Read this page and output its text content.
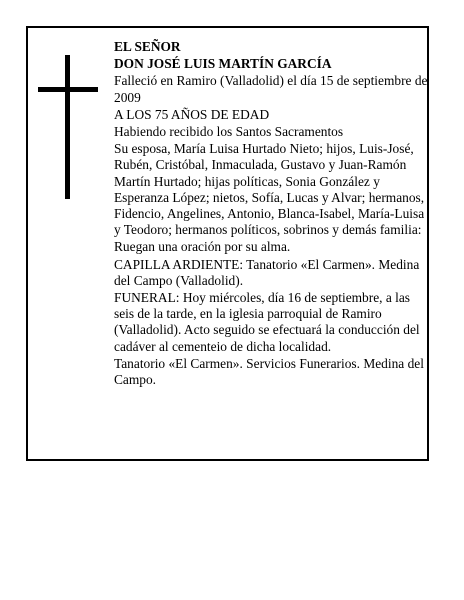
EL SEÑOR

DON JOSÉ LUIS MARTÍN GARCÍA

Falleció en Ramiro (Valladolid) el día 15 de septiembre de 2009

A LOS 75 AÑOS DE EDAD

Habiendo recibido los Santos Sacramentos

Su esposa, María Luisa Hurtado Nieto; hijos, Luis-José, Rubén, Cristóbal, Inmaculada, Gustavo y Juan-Ramón Martín Hurtado; hijas políticas, Sonia González y Esperanza López; nietos, Sofía, Lucas y Alvar; hermanos, Fidencio, Angelines, Antonio, Blanca-Isabel, María-Luisa y Teodoro; hermanos políticos, sobrinos y demás familia:

Ruegan una oración por su alma.

CAPILLA ARDIENTE: Tanatorio «El Carmen». Medina del Campo (Valladolid).

FUNERAL: Hoy miércoles, día 16 de septiembre, a las seis de la tarde, en la iglesia parroquial de Ramiro (Valladolid). Acto seguido se efectuará la conducción del cadáver al cementeio de dicha localidad.

Tanatorio «El Carmen». Servicios Funerarios. Medina del Campo.
